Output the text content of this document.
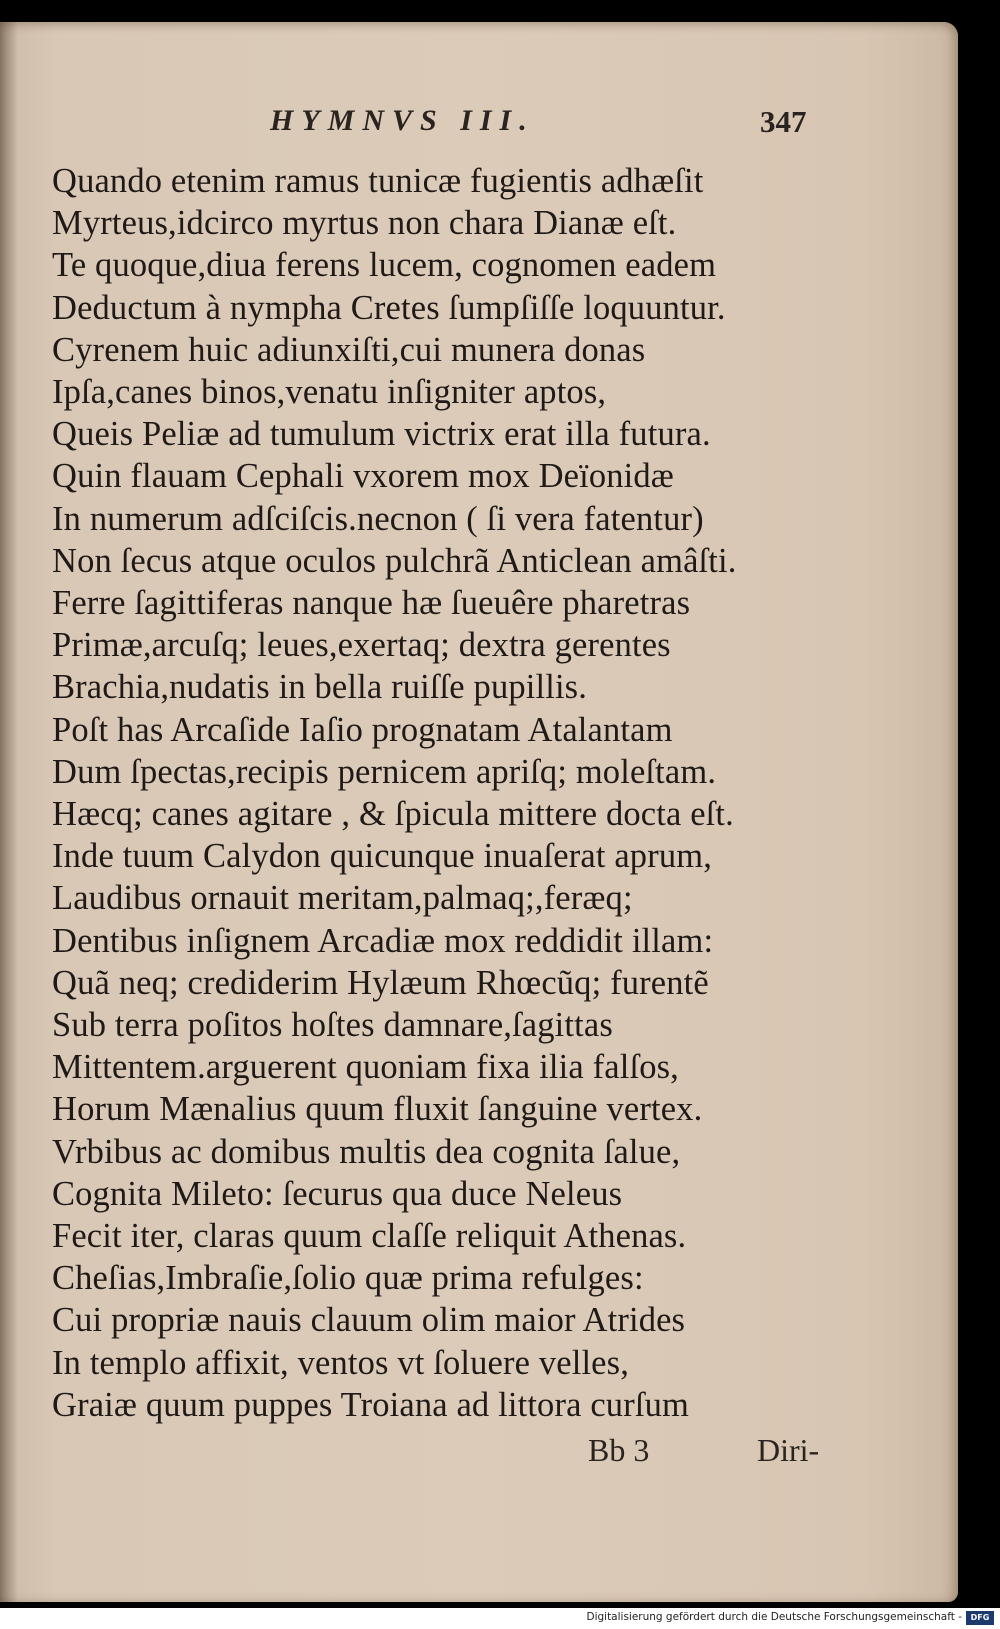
HYMNVS III.	347
Quando etenim ramus tunicæ fugientis adhæſit
Myrteus,idcirco myrtus non chara Dianæ eſt.
Te quoque,diua ferens lucem, cognomen eadem
Deductum à nympha Cretes ſumpſiſſe loquuntur.
Cyrenem huic adiunxiſti,cui munera donas
Ipſa,canes binos,venatu inſigniter aptos,
Queis Peliæ ad tumulum victrix erat illa futura.
Quin flauam Cephali vxorem mox Deïonidæ
In numerum adſciſcis.necnon ( ſi vera fatentur)
Non ſecus atque oculos pulchrã Anticlean amâſti.
Ferre ſagittiferas nanque hæ ſueuêre pharetras
Primæ,arcuſq; leues,exertaq; dextra gerentes
Brachia,nudatis in bella ruiſſe pupillis.
Poſt has Arcaſide Iaſio prognatam Atalantam
Dum ſpectas,recipis pernicem apriſq; moleſtam.
Hæcq; canes agitare , & ſpicula mittere docta eſt.
Inde tuum Calydon quicunque inuaſerat aprum,
Laudibus ornauit meritam,palmaq;,feræq;
Dentibus inſignem Arcadiæ mox reddidit illam:
Quã neq; crediderim Hylæum Rhœcũq; furentẽ
Sub terra poſitos hoſtes damnare,ſagittas
Mittentem.arguerent quoniam fixa ilia falſos,
Horum Mænalius quum fluxit ſanguine vertex.
Vrbibus ac domibus multis dea cognita ſalue,
Cognita Mileto: ſecurus qua duce Neleus
Fecit iter, claras quum claſſe reliquit Athenas.
Cheſias,Imbraſie,ſolio quæ prima refulges:
Cui propriæ nauis clauum olim maior Atrides
In templo affixit, ventos vt ſoluere velles,
Graiæ quum puppes Troiana ad littora curſum
Bb 3	Diri-
Digitalisierung gefördert durch die Deutsche Forschungsgemeinschaft -	DFG
